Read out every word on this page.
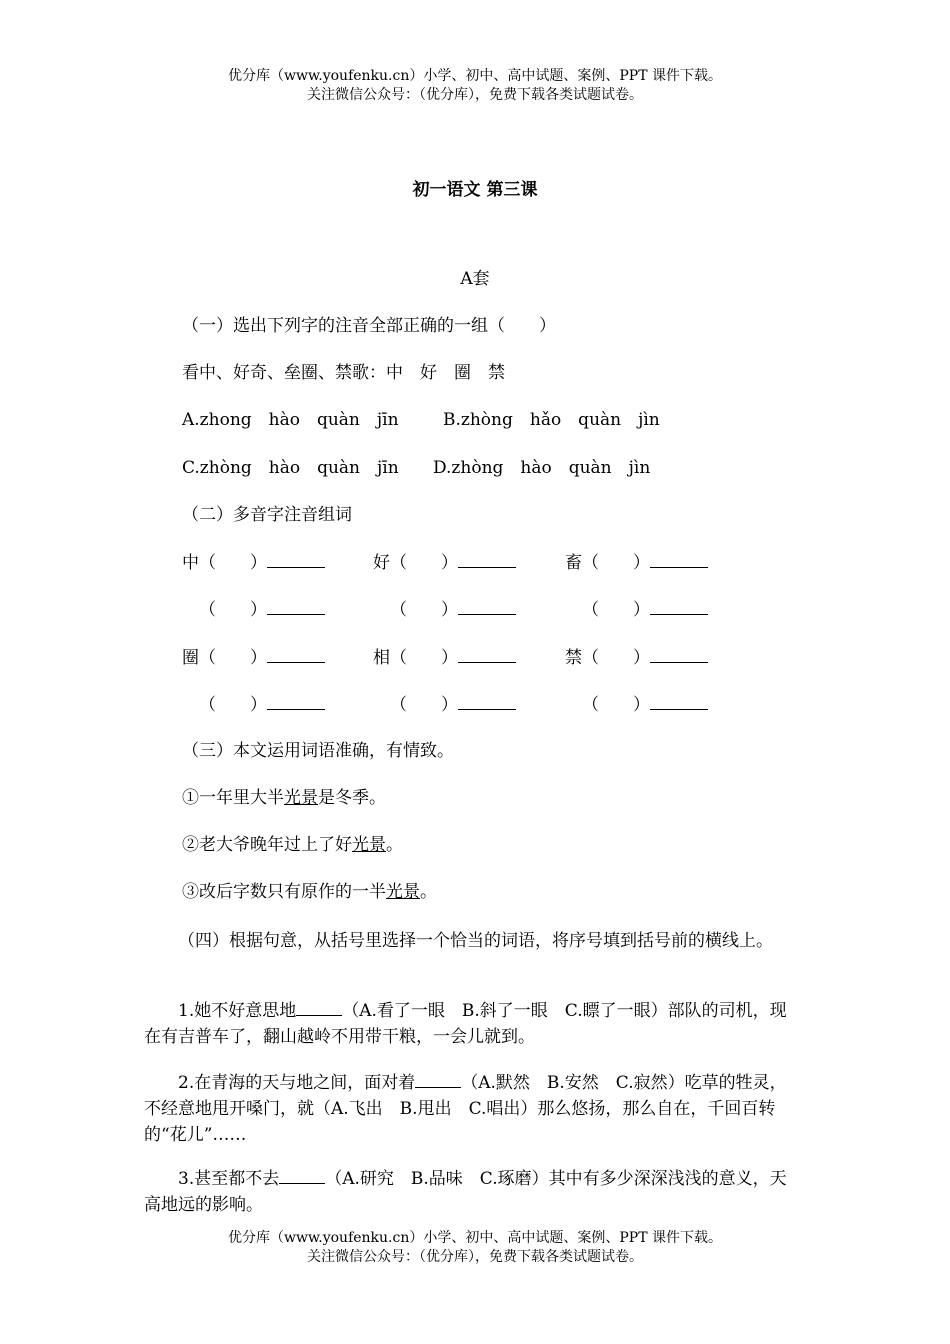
优分库（www.youfenku.cn）小学、初中、高中试题、案例、PPT 课件下载。
关注微信公众号：（优分库），免费下载各类试题试卷。
初一语文 第三课
A套
（一）选出下列字的注音全部正确的一组（　　）
看中、好奇、垒圈、禁歌：中　好　圈　禁
A.zhong　hào　quàn　jīn	B.zhòng　hǎo　quàn　jìn
C.zhòng　hào　quàn　jīn D.zhòng　hào　quàn　jìn
（二）多音字注音组词
中（　　）	好（　　）	畜（　　）
（　　）	（　　）	（　　）
圈（　　）	相（　　）	禁（　　）
（　　）	（　　）	（　　）
（三）本文运用词语准确，有情致。
①一年里大半光景是冬季。
②老大爷晚年过上了好光景。
③改后字数只有原作的一半光景。
（四）根据句意，从括号里选择一个恰当的词语，将序号填到括号前的横线上。
1.她不好意思地	（A.看了一眼　B.斜了一眼　C.瞟了一眼）部队的司机，现在有吉普车了，翻山越岭不用带干粮，一会儿就到。
2.在青海的天与地之间，面对着	（A.默然　B.安然　C.寂然）吃草的牲灵，不经意地甩开嗓门，就（A.飞出　B.甩出　C.唱出）那么悠扬，那么自在，千回百转的“花儿”……
3.甚至都不去	（A.研究　B.品味　C.琢磨）其中有多少深深浅浅的意义，天高地远的影响。
优分库（www.youfenku.cn）小学、初中、高中试题、案例、PPT 课件下载。
关注微信公众号：（优分库），免费下载各类试题试卷。
